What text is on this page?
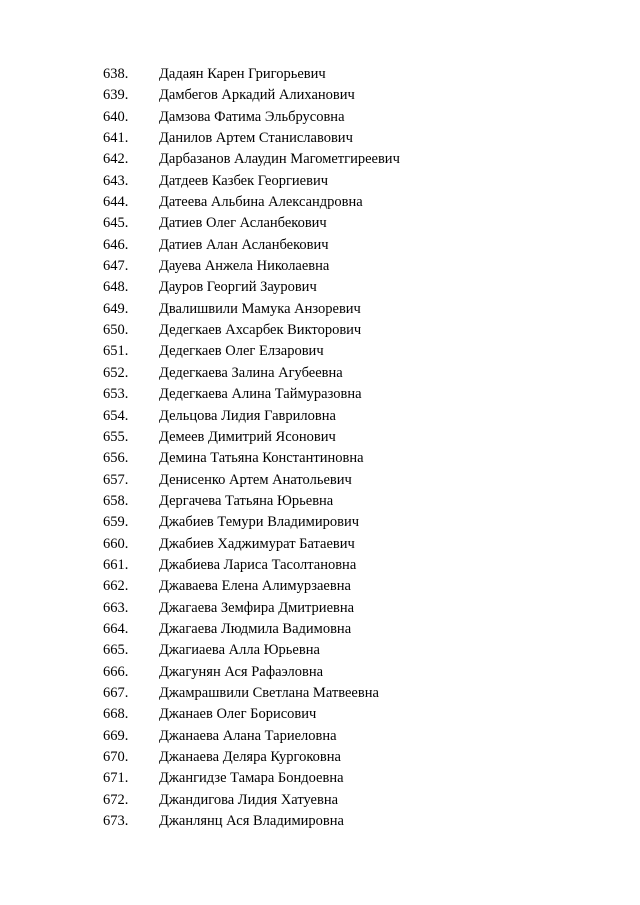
638. Дадаян Карен Григорьевич
639. Дамбегов Аркадий Алиханович
640. Дамзова Фатима Эльбрусовна
641. Данилов Артем Станиславович
642. Дарбазанов Алаудин Магометгиреевич
643. Датдеев Казбек Георгиевич
644. Датеева Альбина Александровна
645. Датиев Олег Асланбекович
646. Датиев Алан Асланбекович
647. Дауева Анжела Николаевна
648. Дауров Георгий Заурович
649. Двалишвили Мамука Анзоревич
650. Дедегкаев Ахсарбек Викторович
651. Дедегкаев Олег Елзарович
652. Дедегкаева Залина Агубеевна
653. Дедегкаева Алина Таймуразовна
654. Дельцова Лидия Гавриловна
655. Демеев Димитрий Ясонович
656. Демина Татьяна Константиновна
657. Денисенко Артем Анатольевич
658. Дергачева Татьяна Юрьевна
659. Джабиев Темури Владимирович
660. Джабиев Хаджимурат Батаевич
661. Джабиева Лариса Тасолтановна
662. Джаваева Елена Алимурзаевна
663. Джагаева Земфира Дмитриевна
664. Джагаева Людмила Вадимовна
665. Джагиаева Алла Юрьевна
666. Джагунян Ася Рафаэловна
667. Джамрашвили Светлана Матвеевна
668. Джанаев Олег Борисович
669. Джанаева Алана Тариеловна
670. Джанаева Деляра Кургоковна
671. Джангидзе Тамара Бондоевна
672. Джандигова Лидия Хатуевна
673. Джанлянц Ася Владимировна
